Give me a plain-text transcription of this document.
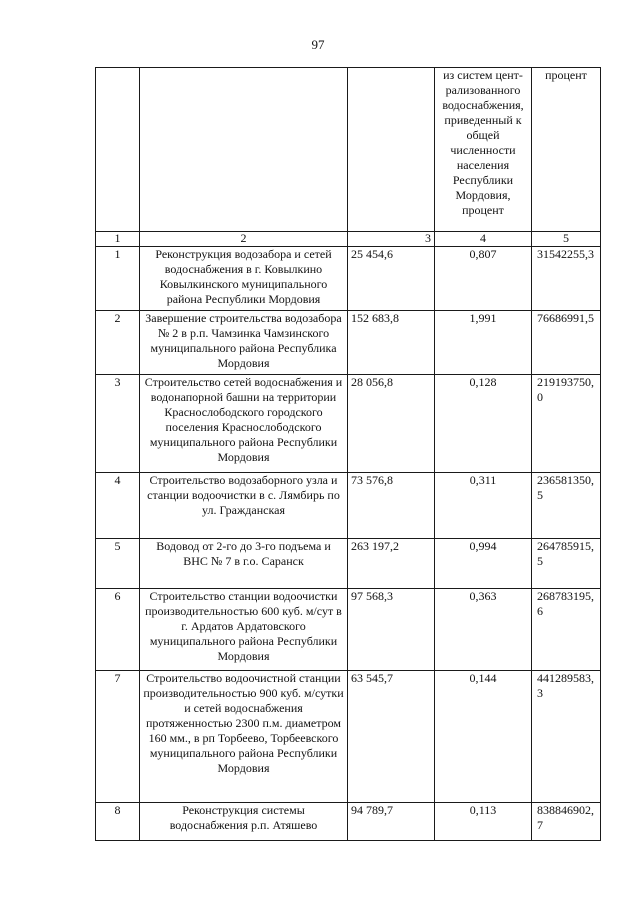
97
			из систем цент-рализованного водоснабжения, приведенный к общей численности населения Республики Мордовия, процент	процент
1	2	3	4	5
1	Реконструкция водозабора и сетей водоснабжения в г. Ковылкино Ковылкинского муниципального района Республики Мордовия	25 454,6	0,807	31542255,3
2	Завершение строительства водозабора № 2 в р.п. Чамзинка Чамзинского муниципального района Республика Мордовия	152 683,8	1,991	76686991,5
3	Строительство сетей водоснабжения и водонапорной башни на территории Краснослободского городского поселения Краснослободского муниципального района Республики Мордовия	28 056,8	0,128	219193750,0
4	Строительство водозаборного узла и станции водоочистки в с. Лямбирь по ул. Гражданская	73 576,8	0,311	236581350,5
5	Водовод от 2-го до 3-го подъема и ВНС № 7 в г.о. Саранск	263 197,2	0,994	264785915,5
6	Строительство станции водоочистки производительностью 600 куб. м/сут в г. Ардатов Ардатовского муниципального района Республики Мордовия	97 568,3	0,363	268783195,6
7	Строительство водоочистной станции производительностью 900 куб. м/сутки и сетей водоснабжения протяженностью 2300 п.м. диаметром 160 мм., в рп Торбеево, Торбеевского муниципального района Республики Мордовия	63 545,7	0,144	441289583,3
8	Реконструкция системы водоснабжения р.п. Атяшево	94 789,7	0,113	838846902,7
